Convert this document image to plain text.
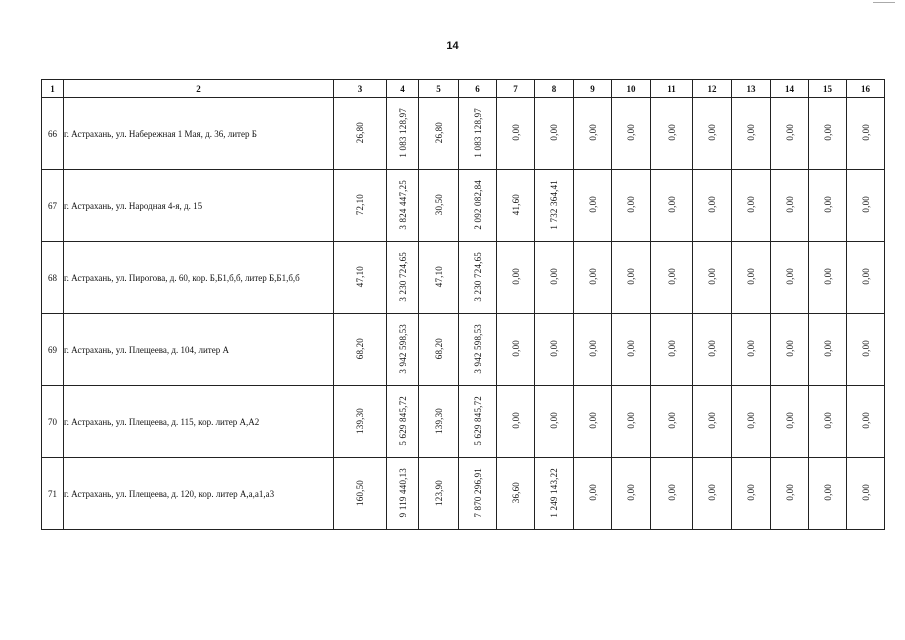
14
1	2	3	4	5	6	7	8	9	10	11	12	13	14	15	16
66	г. Астрахань, ул. Набережная 1 Мая, д. 36, литер Б	26,80	1 083 128,97	26,80	1 083 128,97	0,00	0,00	0,00	0,00	0,00	0,00	0,00	0,00	0,00	0,00
67	г. Астрахань, ул. Народная 4-я, д. 15	72,10	3 824 447,25	30,50	2 092 082,84	41,60	1 732 364,41	0,00	0,00	0,00	0,00	0,00	0,00	0,00	0,00
68	г. Астрахань, ул. Пирогова, д. 60, кор. Б,Б1,б,б, литер Б,Б1,б,б	47,10	3 230 724,65	47,10	3 230 724,65	0,00	0,00	0,00	0,00	0,00	0,00	0,00	0,00	0,00	0,00
69	г. Астрахань, ул. Плещеева, д. 104, литер А	68,20	3 942 598,53	68,20	3 942 598,53	0,00	0,00	0,00	0,00	0,00	0,00	0,00	0,00	0,00	0,00
70	г. Астрахань, ул. Плещеева, д. 115, кор. литер А,А2	139,30	5 629 845,72	139,30	5 629 845,72	0,00	0,00	0,00	0,00	0,00	0,00	0,00	0,00	0,00	0,00
71	г. Астрахань, ул. Плещеева, д. 120, кор. литер А,а,а1,а3	160,50	9 119 440,13	123,90	7 870 296,91	36,60	1 249 143,22	0,00	0,00	0,00	0,00	0,00	0,00	0,00	0,00
